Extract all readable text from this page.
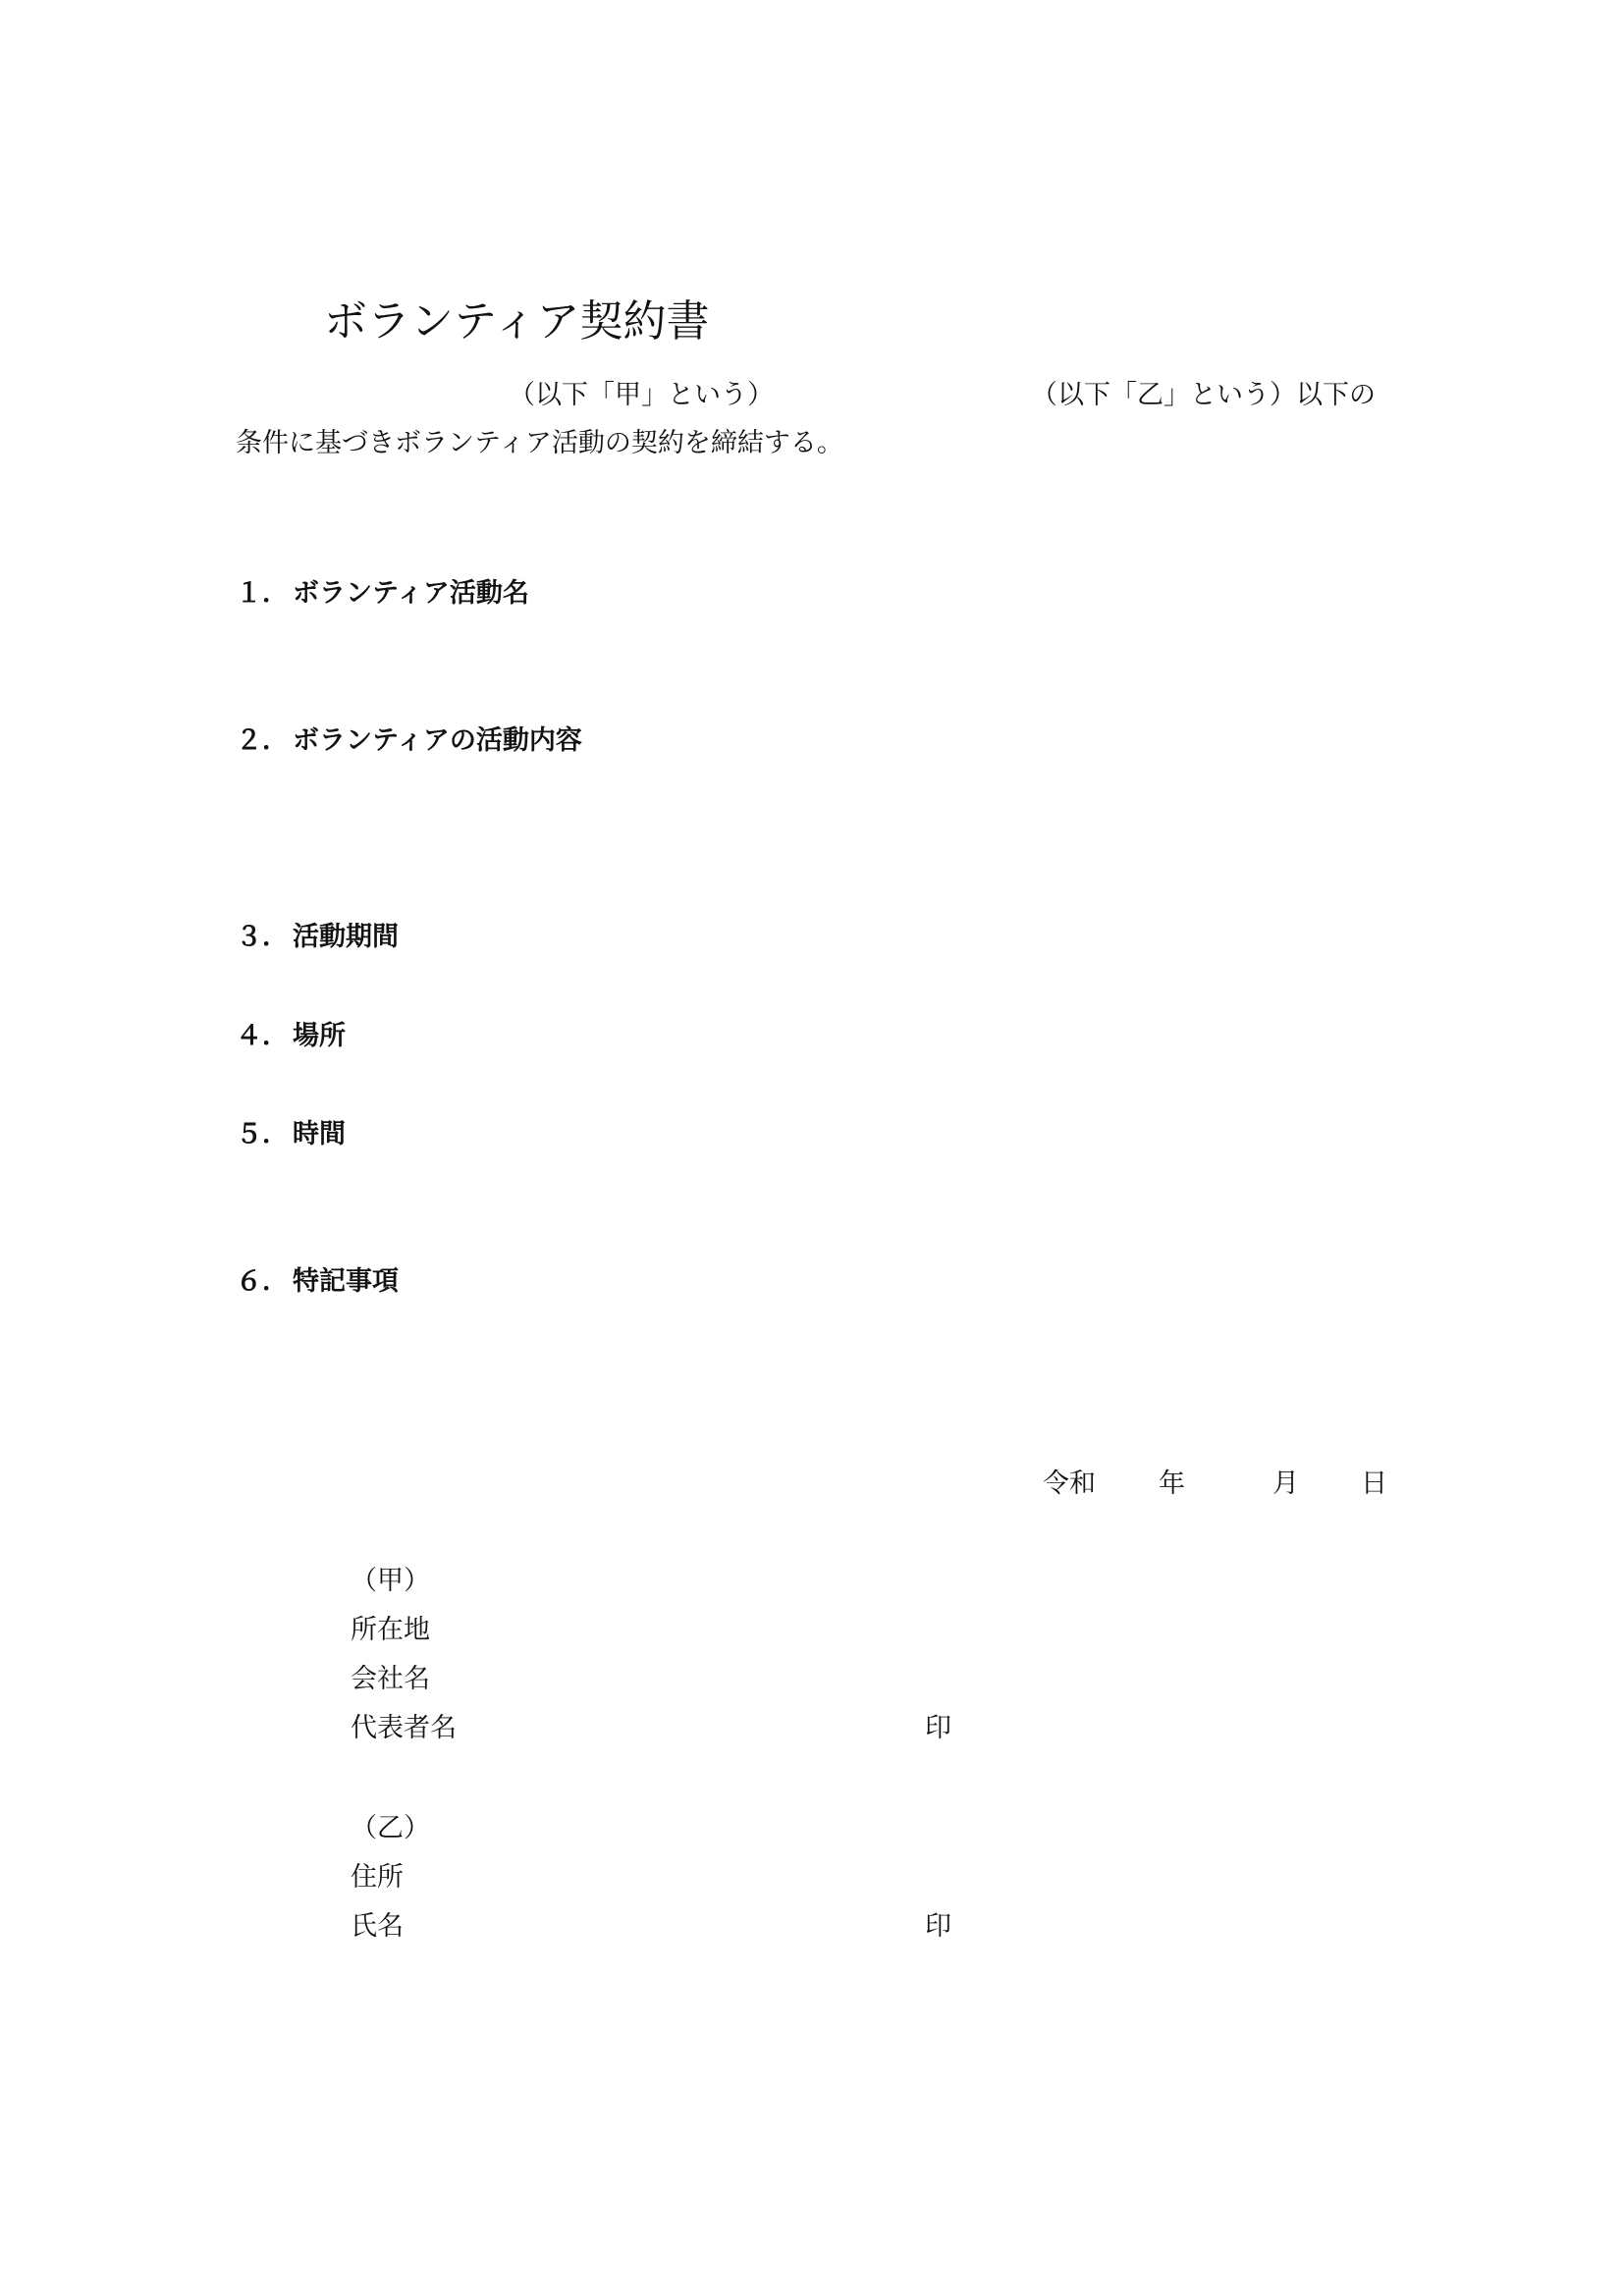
ボランティア契約書
（以下「甲」という）	（以下「乙」という）以下の
条件に基づきボランティア活動の契約を締結する。
１． ボランティア活動名
２． ボランティアの活動内容
３． 活動期間
４． 場所
５． 時間
６． 特記事項
令和 年	月 日
（甲）
所在地
会社名
代表者名	印
（乙）
住所
氏名	印
